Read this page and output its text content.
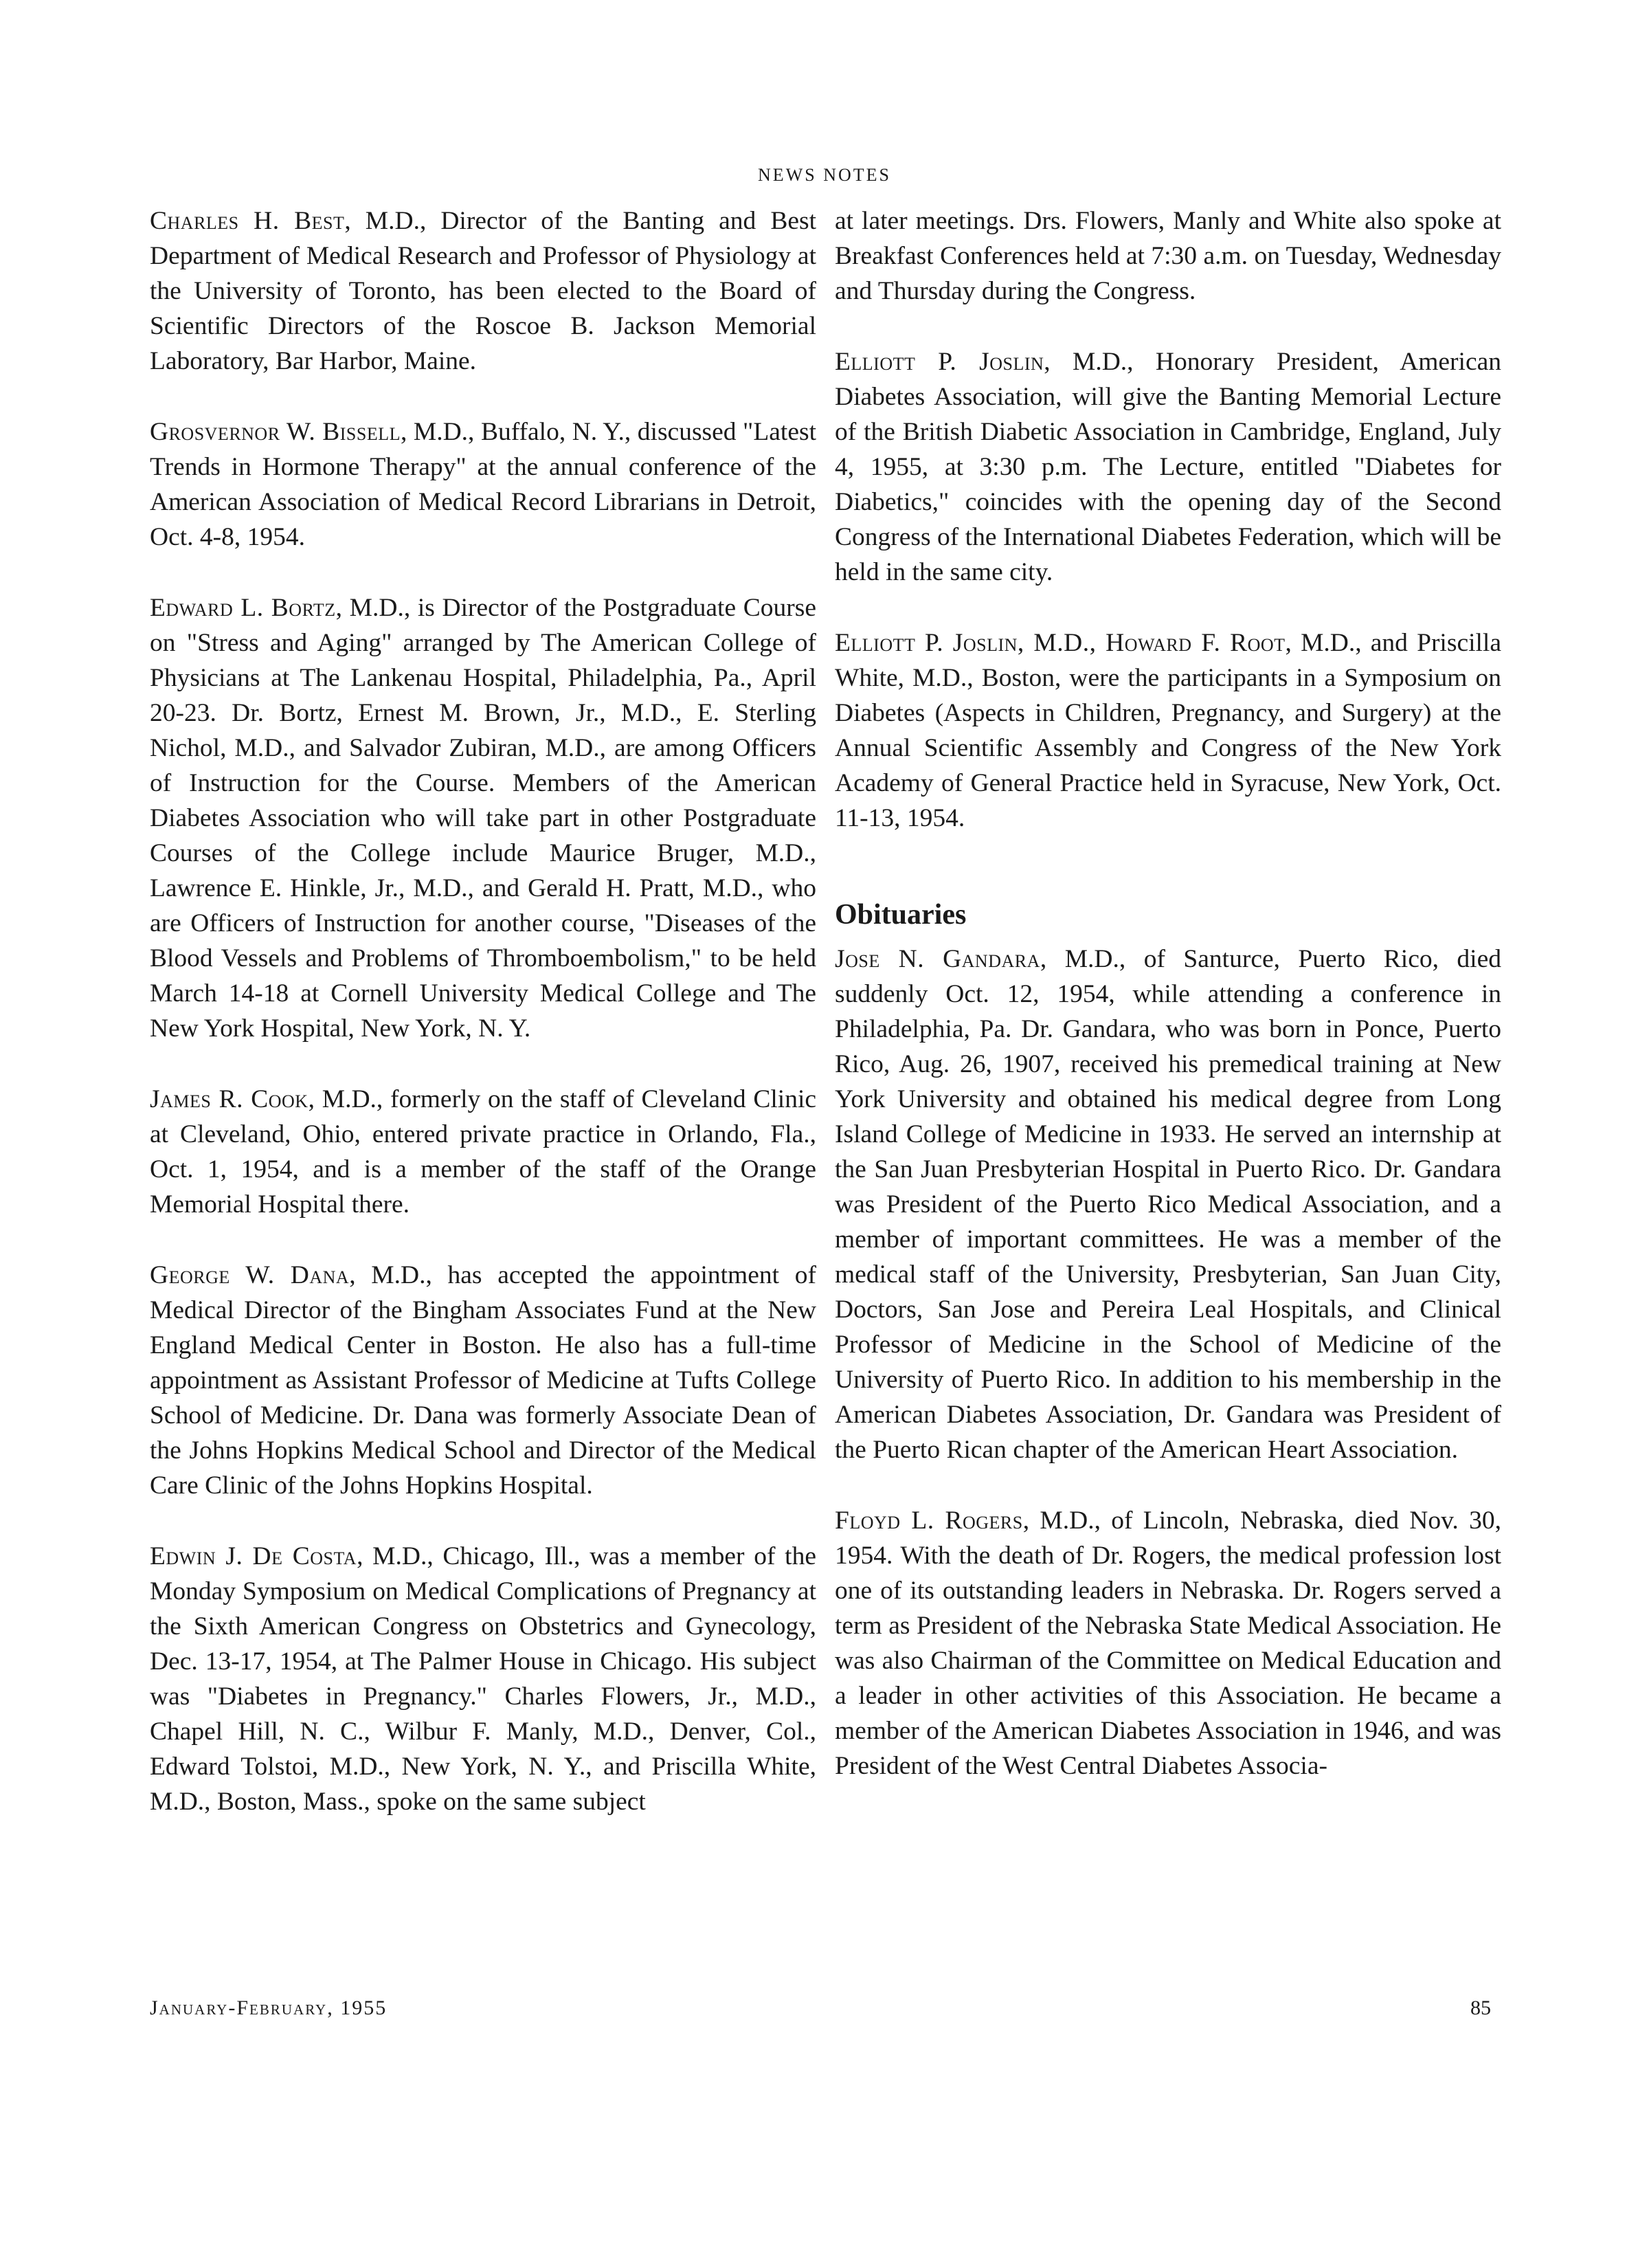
NEWS NOTES

Charles H. Best, M.D., Director of the Banting and Best Department of Medical Research and Professor of Physiology at the University of Toronto, has been elected to the Board of Scientific Directors of the Roscoe B. Jackson Memorial Laboratory, Bar Harbor, Maine.

Grosvernor W. Bissell, M.D., Buffalo, N. Y., discussed "Latest Trends in Hormone Therapy" at the annual conference of the American Association of Medical Record Librarians in Detroit, Oct. 4-8, 1954.

Edward L. Bortz, M.D., is Director of the Postgraduate Course on "Stress and Aging" arranged by The American College of Physicians at The Lankenau Hospital, Philadelphia, Pa., April 20-23. Dr. Bortz, Ernest M. Brown, Jr., M.D., E. Sterling Nichol, M.D., and Salvador Zubiran, M.D., are among Officers of Instruction for the Course. Members of the American Diabetes Association who will take part in other Postgraduate Courses of the College include Maurice Bruger, M.D., Lawrence E. Hinkle, Jr., M.D., and Gerald H. Pratt, M.D., who are Officers of Instruction for another course, "Diseases of the Blood Vessels and Problems of Thromboembolism," to be held March 14-18 at Cornell University Medical College and The New York Hospital, New York, N. Y.

James R. Cook, M.D., formerly on the staff of Cleveland Clinic at Cleveland, Ohio, entered private practice in Orlando, Fla., Oct. 1, 1954, and is a member of the staff of the Orange Memorial Hospital there.

George W. Dana, M.D., has accepted the appointment of Medical Director of the Bingham Associates Fund at the New England Medical Center in Boston. He also has a full-time appointment as Assistant Professor of Medicine at Tufts College School of Medicine. Dr. Dana was formerly Associate Dean of the Johns Hopkins Medical School and Director of the Medical Care Clinic of the Johns Hopkins Hospital.

Edwin J. De Costa, M.D., Chicago, Ill., was a member of the Monday Symposium on Medical Complications of Pregnancy at the Sixth American Congress on Obstetrics and Gynecology, Dec. 13-17, 1954, at The Palmer House in Chicago. His subject was "Diabetes in Pregnancy." Charles Flowers, Jr., M.D., Chapel Hill, N. C., Wilbur F. Manly, M.D., Denver, Col., Edward Tolstoi, M.D., New York, N. Y., and Priscilla White, M.D., Boston, Mass., spoke on the same subject

at later meetings. Drs. Flowers, Manly and White also spoke at Breakfast Conferences held at 7:30 a.m. on Tuesday, Wednesday and Thursday during the Congress.

Elliott P. Joslin, M.D., Honorary President, American Diabetes Association, will give the Banting Memorial Lecture of the British Diabetic Association in Cambridge, England, July 4, 1955, at 3:30 p.m. The Lecture, entitled "Diabetes for Diabetics," coincides with the opening day of the Second Congress of the International Diabetes Federation, which will be held in the same city.

Elliott P. Joslin, M.D., Howard F. Root, M.D., and Priscilla White, M.D., Boston, were the participants in a Symposium on Diabetes (Aspects in Children, Pregnancy, and Surgery) at the Annual Scientific Assembly and Congress of the New York Academy of General Practice held in Syracuse, New York, Oct. 11-13, 1954.

Obituaries

Jose N. Gandara, M.D., of Santurce, Puerto Rico, died suddenly Oct. 12, 1954, while attending a conference in Philadelphia, Pa. Dr. Gandara, who was born in Ponce, Puerto Rico, Aug. 26, 1907, received his premedical training at New York University and obtained his medical degree from Long Island College of Medicine in 1933. He served an internship at the San Juan Presbyterian Hospital in Puerto Rico. Dr. Gandara was President of the Puerto Rico Medical Association, and a member of important committees. He was a member of the medical staff of the University, Presbyterian, San Juan City, Doctors, San Jose and Pereira Leal Hospitals, and Clinical Professor of Medicine in the School of Medicine of the University of Puerto Rico. In addition to his membership in the American Diabetes Association, Dr. Gandara was President of the Puerto Rican chapter of the American Heart Association.

Floyd L. Rogers, M.D., of Lincoln, Nebraska, died Nov. 30, 1954. With the death of Dr. Rogers, the medical profession lost one of its outstanding leaders in Nebraska. Dr. Rogers served a term as President of the Nebraska State Medical Association. He was also Chairman of the Committee on Medical Education and a leader in other activities of this Association. He became a member of the American Diabetes Association in 1946, and was President of the West Central Diabetes Associa-

January-February, 1955	85
